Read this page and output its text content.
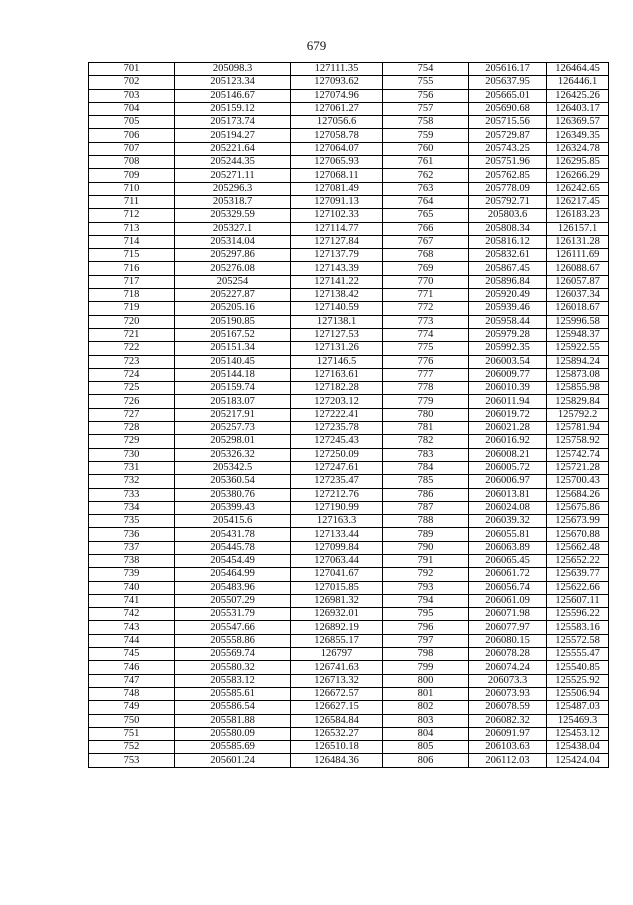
679
701	205098.3	127111.35	754	205616.17	126464.45
702	205123.34	127093.62	755	205637.95	126446.1
703	205146.67	127074.96	756	205665.01	126425.26
704	205159.12	127061.27	757	205690.68	126403.17
705	205173.74	127056.6	758	205715.56	126369.57
706	205194.27	127058.78	759	205729.87	126349.35
707	205221.64	127064.07	760	205743.25	126324.78
708	205244.35	127065.93	761	205751.96	126295.85
709	205271.11	127068.11	762	205762.85	126266.29
710	205296.3	127081.49	763	205778.09	126242.65
711	205318.7	127091.13	764	205792.71	126217.45
712	205329.59	127102.33	765	205803.6	126183.23
713	205327.1	127114.77	766	205808.34	126157.1
714	205314.04	127127.84	767	205816.12	126131.28
715	205297.86	127137.79	768	205832.61	126111.69
716	205276.08	127143.39	769	205867.45	126088.67
717	205254	127141.22	770	205896.84	126057.87
718	205227.87	127138.42	771	205920.49	126037.34
719	205205.16	127140.59	772	205939.46	126018.67
720	205190.85	127138.1	773	205958.44	125996.58
721	205167.52	127127.53	774	205979.28	125948.37
722	205151.34	127131.26	775	205992.35	125922.55
723	205140.45	127146.5	776	206003.54	125894.24
724	205144.18	127163.61	777	206009.77	125873.08
725	205159.74	127182.28	778	206010.39	125855.98
726	205183.07	127203.12	779	206011.94	125829.84
727	205217.91	127222.41	780	206019.72	125792.2
728	205257.73	127235.78	781	206021.28	125781.94
729	205298.01	127245.43	782	206016.92	125758.92
730	205326.32	127250.09	783	206008.21	125742.74
731	205342.5	127247.61	784	206005.72	125721.28
732	205360.54	127235.47	785	206006.97	125700.43
733	205380.76	127212.76	786	206013.81	125684.26
734	205399.43	127190.99	787	206024.08	125675.86
735	205415.6	127163.3	788	206039.32	125673.99
736	205431.78	127133.44	789	206055.81	125670.88
737	205445.78	127099.84	790	206063.89	125662.48
738	205454.49	127063.44	791	206065.45	125652.22
739	205464.99	127041.67	792	206061.72	125639.77
740	205483.96	127015.85	793	206056.74	125622.66
741	205507.29	126981.32	794	206061.09	125607.11
742	205531.79	126932.01	795	206071.98	125596.22
743	205547.66	126892.19	796	206077.97	125583.16
744	205558.86	126855.17	797	206080.15	125572.58
745	205569.74	126797	798	206078.28	125555.47
746	205580.32	126741.63	799	206074.24	125540.85
747	205583.12	126713.32	800	206073.3	125525.92
748	205585.61	126672.57	801	206073.93	125506.94
749	205586.54	126627.15	802	206078.59	125487.03
750	205581.88	126584.84	803	206082.32	125469.3
751	205580.09	126532.27	804	206091.97	125453.12
752	205585.69	126510.18	805	206103.63	125438.04
753	205601.24	126484.36	806	206112.03	125424.04
